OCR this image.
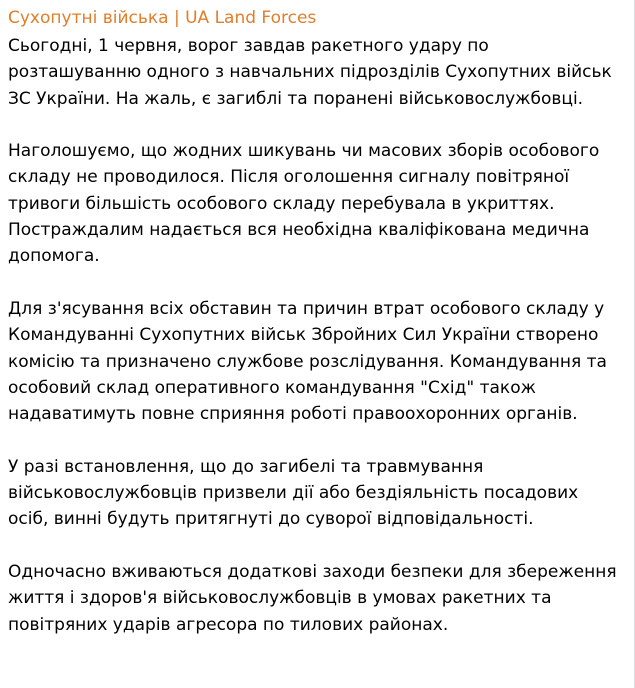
Сухопутні війська | UA Land Forces

Сьогодні, 1 червня, ворог завдав ракетного удару по розташуванню одного з навчальних підрозділів Сухопутних військ ЗС України. На жаль, є загиблі та поранені військовослужбовці.

Наголошуємо, що жодних шикувань чи масових зборів особового складу не проводилося. Після оголошення сигналу повітряної тривоги більшість особового складу перебувала в укриттях. Постраждалим надається вся необхідна кваліфікована медична допомога.

Для з'ясування всіх обставин та причин втрат особового складу у Командуванні Сухопутних військ Збройних Сил України створено комісію та призначено службове розслідування. Командування та особовий склад оперативного командування "Схід" також надаватимуть повне сприяння роботі правоохоронних органів.

У разі встановлення, що до загибелі та травмування військовослужбовців призвели дії або бездіяльність посадових осіб, винні будуть притягнуті до суворої відповідальності.

Одночасно вживаються додаткові заходи безпеки для збереження життя і здоров'я військовослужбовців в умовах ракетних та повітряних ударів агресора по тилових районах.
